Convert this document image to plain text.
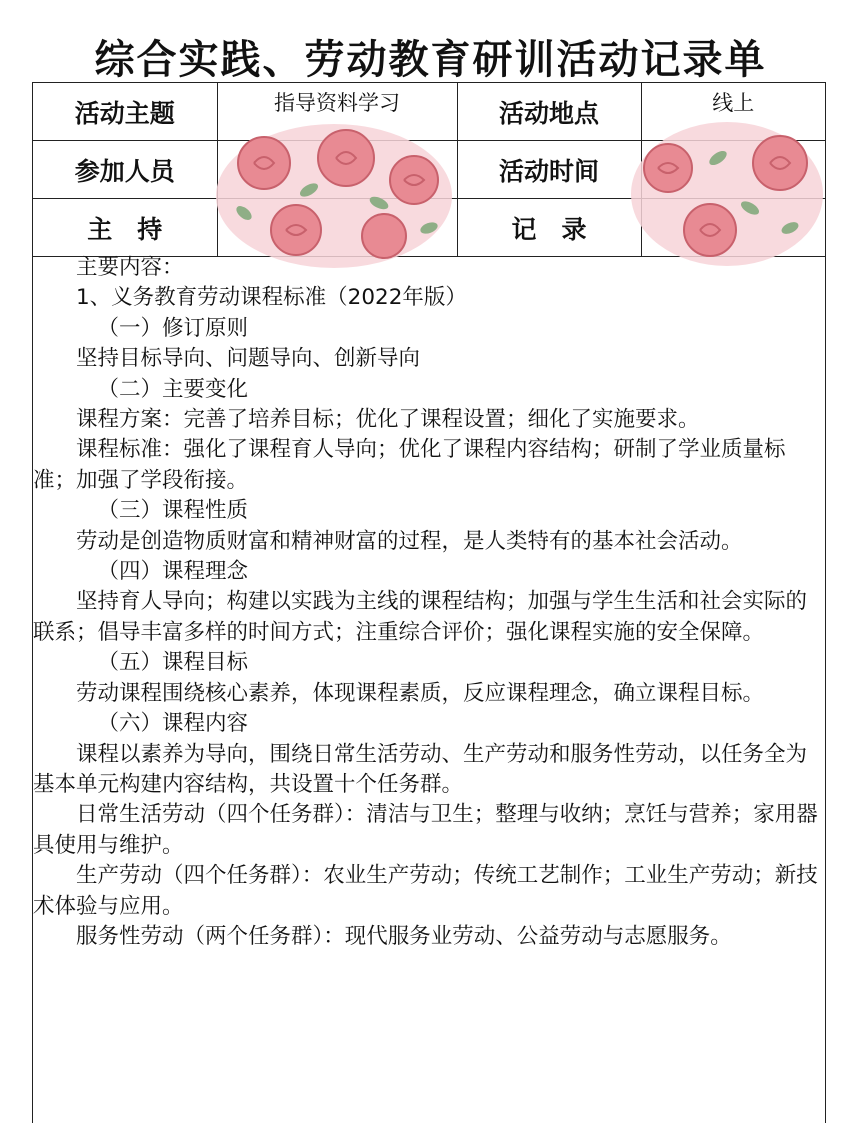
综合实践、劳动教育研训活动记录单
活动主题	指导资料学习	活动地点	线上
参加人员		活动时间	
主　持		记　录	

主要内容：

1、义务教育劳动课程标准（2022年版）

（一）修订原则

坚持目标导向、问题导向、创新导向

（二）主要变化

课程方案：完善了培养目标；优化了课程设置；细化了实施要求。

课程标准：强化了课程育人导向；优化了课程内容结构；研制了学业质量标准；加强了学段衔接。

（三）课程性质

劳动是创造物质财富和精神财富的过程，是人类特有的基本社会活动。

（四）课程理念

坚持育人导向；构建以实践为主线的课程结构；加强与学生生活和社会实际的联系；倡导丰富多样的时间方式；注重综合评价；强化课程实施的安全保障。

（五）课程目标

劳动课程围绕核心素养，体现课程素质，反应课程理念，确立课程目标。

（六）课程内容

课程以素养为导向，围绕日常生活劳动、生产劳动和服务性劳动，以任务全为基本单元构建内容结构，共设置十个任务群。

日常生活劳动（四个任务群）：清洁与卫生；整理与收纳；烹饪与营养；家用器具使用与维护。

生产劳动（四个任务群）：农业生产劳动；传统工艺制作；工业生产劳动；新技术体验与应用。

服务性劳动（两个任务群）：现代服务业劳动、公益劳动与志愿服务。
